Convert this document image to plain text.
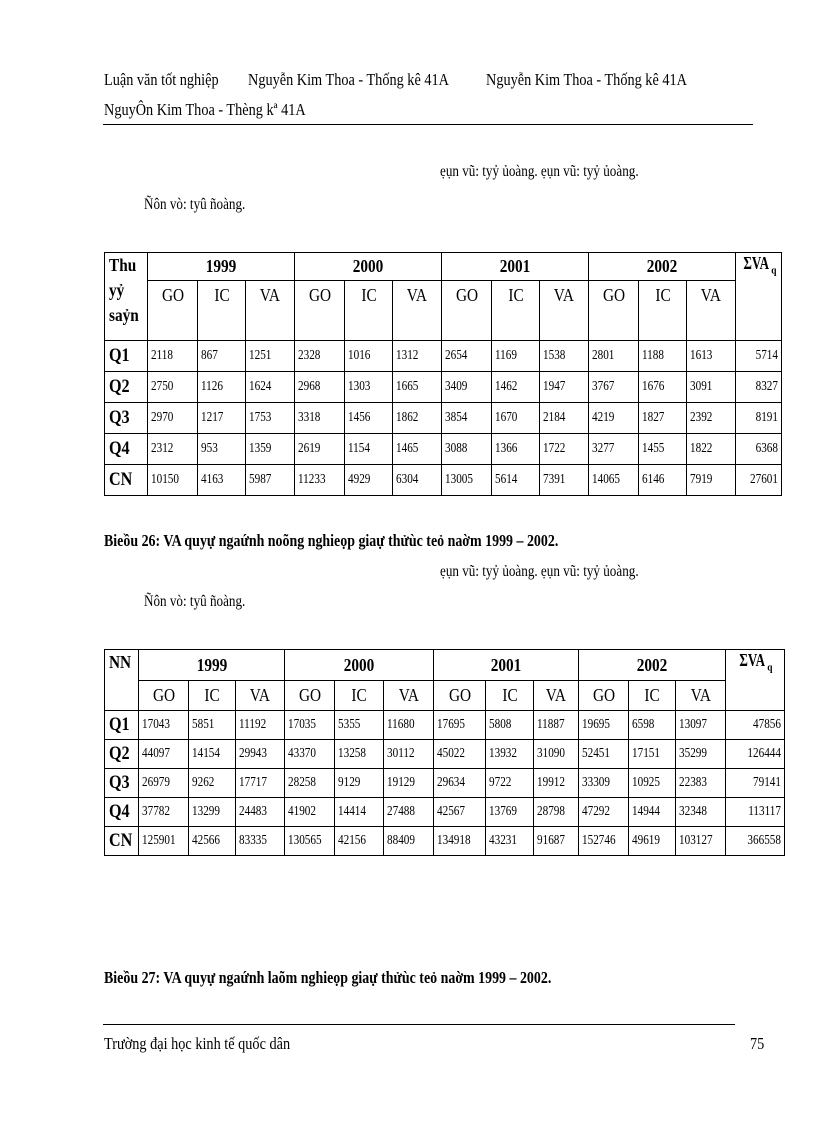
Luận văn tốt nghiệp Nguyễn Kim Thoa - Thống kê 41A Nguyễn Kim Thoa - Thống kê 41A
NguyÔn Kim Thoa - Thèng kª 41A
ẹụn vũ: tyỷ ủoàng. ẹụn vũ: tyỷ ủoàng.
Ñôn vò: tyû ñoàng.
Thu
yỷ
saỷn	1999			2000			2001			2002			ΣVA $_q$
	GO	IC	VA	GO	IC	VA	GO	IC	VA	GO	IC	VA	
Q1	2118	867	1251	2328	1016	1312	2654	1169	1538	2801	1188	1613	5714
Q2	2750	1126	1624	2968	1303	1665	3409	1462	1947	3767	1676	3091	8327
Q3	2970	1217	1753	3318	1456	1862	3854	1670	2184	4219	1827	2392	8191
Q4	2312	953	1359	2619	1154	1465	3088	1366	1722	3277	1455	1822	6368
CN	10150	4163	5987	11233	4929	6304	13005	5614	7391	14065	6146	7919	27601
Bieồu 26: VA quyự ngaứnh noõng nghieọp giaự thửùc teỏ naờm 1999 – 2002.
ẹụn vũ: tyỷ ủoàng. ẹụn vũ: tyỷ ủoàng.
Ñôn vò: tyû ñoàng.
NN	1999			2000			2001			2002			ΣVA $_q$
	GO	IC	VA	GO	IC	VA	GO	IC	VA	GO	IC	VA	
Q1	17043	5851	11192	17035	5355	11680	17695	5808	11887	19695	6598	13097	47856
Q2	44097	14154	29943	43370	13258	30112	45022	13932	31090	52451	17151	35299	126444
Q3	26979	9262	17717	28258	9129	19129	29634	9722	19912	33309	10925	22383	79141
Q4	37782	13299	24483	41902	14414	27488	42567	13769	28798	47292	14944	32348	113117
CN	125901	42566	83335	130565	42156	88409	134918	43231	91687	152746	49619	103127	366558
Bieồu 27: VA quyự ngaứnh laõm nghieọp giaự thửùc teỏ naờm 1999 – 2002.
Trường đại học kinh tế quốc dân	75
